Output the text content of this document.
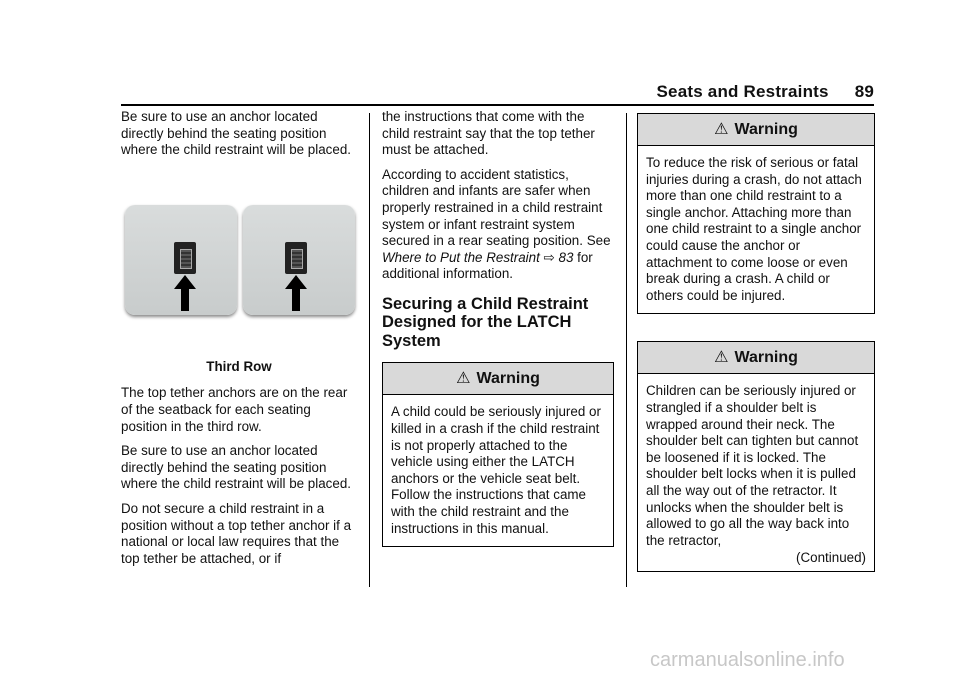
Seats and Restraints 89

Be sure to use an anchor located directly behind the seating position where the child restraint will be placed.

Third Row

The top tether anchors are on the rear of the seatback for each seating position in the third row.

Be sure to use an anchor located directly behind the seating position where the child restraint will be placed.

Do not secure a child restraint in a position without a top tether anchor if a national or local law requires that the top tether be attached, or if

the instructions that come with the child restraint say that the top tether must be attached.

According to accident statistics, children and infants are safer when properly restrained in a child restraint system or infant restraint system secured in a rear seating position. See Where to Put the Restraint ⇨ 83 for additional information.

Securing a Child Restraint Designed for the LATCH System
⚠ Warning
A child could be seriously injured or killed in a crash if the child restraint is not properly attached to the vehicle using either the LATCH anchors or the vehicle seat belt. Follow the instructions that came with the child restraint and the instructions in this manual.
⚠ Warning
To reduce the risk of serious or fatal injuries during a crash, do not attach more than one child restraint to a single anchor. Attaching more than one child restraint to a single anchor could cause the anchor or attachment to come loose or even break during a crash. A child or others could be injured.
⚠ Warning
Children can be seriously injured or strangled if a shoulder belt is wrapped around their neck. The shoulder belt can tighten but cannot be loosened if it is locked. The shoulder belt locks when it is pulled all the way out of the retractor. It unlocks when the shoulder belt is allowed to go all the way back into the retractor,
(Continued)
carmanualsonline.info
